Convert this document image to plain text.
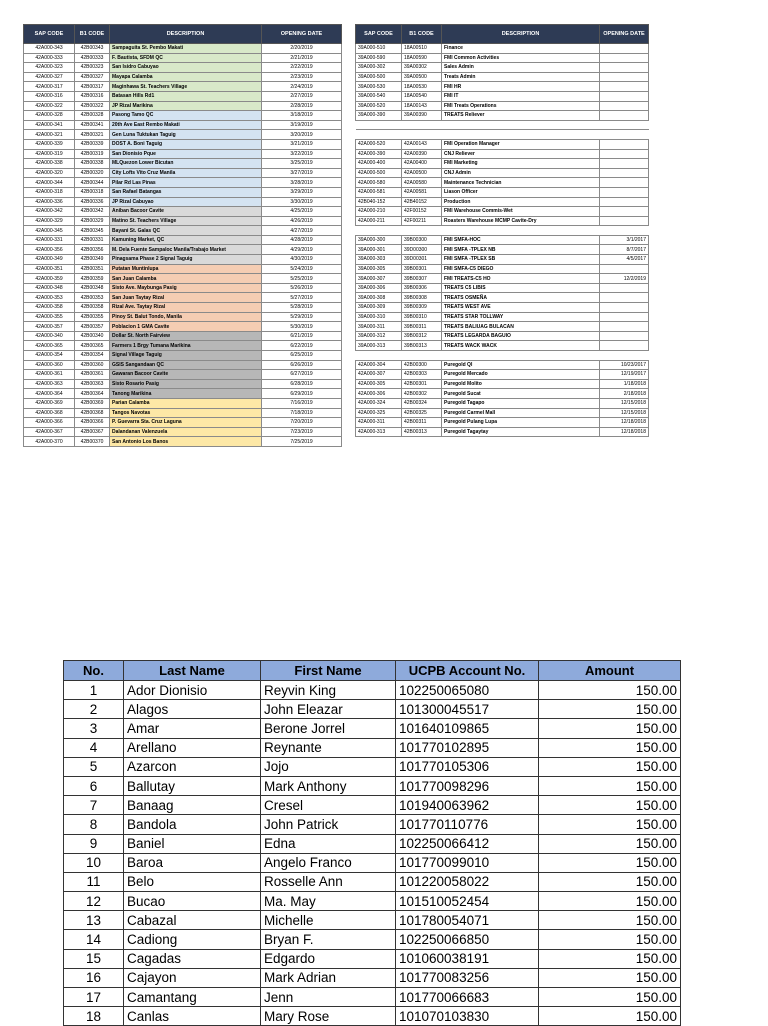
SAP CODE	B1 CODE	DESCRIPTION	OPENING DATE
42A000-343	42B00343	Sampaguita St. Pembo Makati	2/20/2019
42A000-333	42B00333	F. Bautista, SFDM QC	2/21/2019
42A000-323	42B00323	San Isidro Cabuyao	2/22/2019
42A000-327	42B00327	Mayapa Calamba	2/23/2019
42A000-317	42B00317	Maginhawa St. Teachers Village	2/24/2019
42A000-316	42B00316	Batasan Hills Rd1	2/27/2019
42A000-322	42B00322	JP Rizal Marikina	2/28/2019
42A000-328	42B00328	Pasong Tamo QC	3/18/2019
42A000-341	42B00341	20th Ave East Rembo Makati	3/19/2019
42A000-321	42B00321	Gen Luna Tuktukan Taguig	3/20/2019
42A000-339	42B00339	DOST A. Boni Taguig	3/21/2019
42A000-319	42B00319	San Dionisio Pque	3/22/2019
42A000-338	42B00338	MLQuezon Lower Bicutan	3/25/2019
42A000-320	42B00320	City Lofts Vito Cruz Manila	3/27/2019
42A000-344	42B00344	Pilar Rd Las Pinas	3/28/2019
42A000-318	42B00318	San Rafael Batangas	3/29/2019
42A000-336	42B00336	JP Rizal Cabuyao	3/30/2019
42A000-342	42B00342	Aniban Bacoor Cavite	4/25/2019
42A000-329	42B00329	Matino St. Teachers Village	4/26/2019
42A000-345	42B00345	Bayani St. Galas QC	4/27/2019
42A000-331	42B00331	Kamuning Market, QC	4/28/2019
42A000-356	42B00356	M. Dela Fuente Sampaloc Manila/Trabajo Market	4/29/2019
42A000-349	42B00349	Pinagsama Phase 2 Signal Taguig	4/30/2019
42A000-351	42B00351	Putatan Muntinlupa	5/24/2019
42A000-359	42B00359	San Juan Calamba	5/25/2019
42A000-348	42B00348	Sisto Ave. Maybunga Pasig	5/26/2019
42A000-353	42B00353	San Juan Taytay Rizal	5/27/2019
42A000-358	42B00358	Rizal Ave. Taytay Rizal	5/28/2019
42A000-355	42B00355	Pinoy St. Balut Tondo, Manila	5/29/2019
42A000-357	42B00357	Poblacion 1 GMA Cavite	5/30/2019
42A000-340	42B00340	Dollar St. North Fairview	6/21/2019
42A000-365	42B00365	Farmers 1 Brgy Tumana Marikina	6/22/2019
42A000-354	42B00354	Signal Village Taguig	6/25/2019
42A000-360	42B00360	GSIS Sangandaan QC	6/26/2019
42A000-361	42B00361	Gawaran Bacoor Cavite	6/27/2019
42A000-363	42B00363	Sisto Rosario Pasig	6/28/2019
42A000-364	42B00364	Tanong Marikina	6/29/2019
42A000-369	42B00369	Parian Calamba	7/16/2019
42A000-368	42B00368	Tangos Navotas	7/18/2019
42A000-366	42B00366	P. Guevarra Sta. Cruz Laguna	7/20/2019
42A000-367	42B00367	Dalandanan Valenzuela	7/23/2019
42A000-370	42B00370	San Antonio Los Banos	7/25/2019
SAP CODE	B1 CODE	DESCRIPTION	OPENING DATE
39A000-510	18A00510	Finance	
39A000-590	18A00590	FMI Common Activities	
39A000-302	39A00302	Sales Admin	
39A000-500	39A00500	Treats Admin	
39A000-530	18A00530	FMI HR	
39A000-540	18A00540	FMI IT	
39A000-520	18A00143	FMI Treats Operations	
39A000-390	39A00390	TREATS Reliever	

42A000-520	42A00143	FMI Operation Manager	
42A000-390	42A00390	CNJ Reliever	
42A000-400	42A00400	FMI Marketing	
42A000-500	42A00500	CNJ Admin	
42A000-580	42A00580	Maintenance Technician	
42A000-581	42A00581	Liason Officer	
42B040-152	42B40152	Production	
42A000-210	42F00152	FMI Warehouse Commis-Wet	
42A000-211	42F00211	Roasters Warehouse MCMP Cavite-Dry	

39A000-300	39B00300	FMI SMFA-HOC	3/1/2017
39A000-301	39D00300	FMI SMFA -TPLEX NB	8/7/2017
39A000-303	39D00301	FMI SMFA -TPLEX SB	4/5/2017
39A000-305	39B00301	FMI SMFA-C5 DIEGO	
39A000-307	39B00307	FMI TREATS-C5 HO	12/2/2019
39A000-306	39B00306	TREATS C5 LIBIS	
39A000-308	39B00308	TREATS OSMEÑA	
39A000-309	39B00309	TREATS WEST AVE	
39A000-310	39B00310	TREATS STAR TOLLWAY	
39A000-311	39B00311	TREATS BALIUAG BULACAN	
39A000-312	39B00312	TREATS LEGARDA BAGUIO	
39A000-313	39B00313	TREATS WACK WACK	

42A000-304	42B00300	Puregold QI	10/23/2017
42A000-307	42B00303	Puregold Mercado	12/19/2017
42A000-305	42B00301	Puregold Molito	1/18/2018
42A000-306	42B00302	Puregold Sucat	2/18/2018
42A000-324	42B00324	Puregold Tagapo	12/15/2018
42A000-325	42B00325	Puregold Carmel Mall	12/15/2018
42A000-311	42B00311	Puregold Pulang Lupa	12/18/2018
42A000-313	42B00313	Puregold Tagaytay	12/18/2018
No.	Last Name	First Name	UCPB Account No.	Amount
1	Ador Dionisio	Reyvin King	102250065080	150.00
2	Alagos	John Eleazar	101300045517	150.00
3	Amar	Berone Jorrel	101640109865	150.00
4	Arellano	Reynante	101770102895	150.00
5	Azarcon	Jojo	101770105306	150.00
6	Ballutay	Mark Anthony	101770098296	150.00
7	Banaag	Cresel	101940063962	150.00
8	Bandola	John Patrick	101770110776	150.00
9	Baniel	Edna	102250066412	150.00
10	Baroa	Angelo Franco	101770099010	150.00
11	Belo	Rosselle Ann	101220058022	150.00
12	Bucao	Ma. May	101510052454	150.00
13	Cabazal	Michelle	101780054071	150.00
14	Cadiong	Bryan F.	102250066850	150.00
15	Cagadas	Edgardo	101060038191	150.00
16	Cajayon	Mark Adrian	101770083256	150.00
17	Camantang	Jenn	101770066683	150.00
18	Canlas	Mary Rose	101070103830	150.00
